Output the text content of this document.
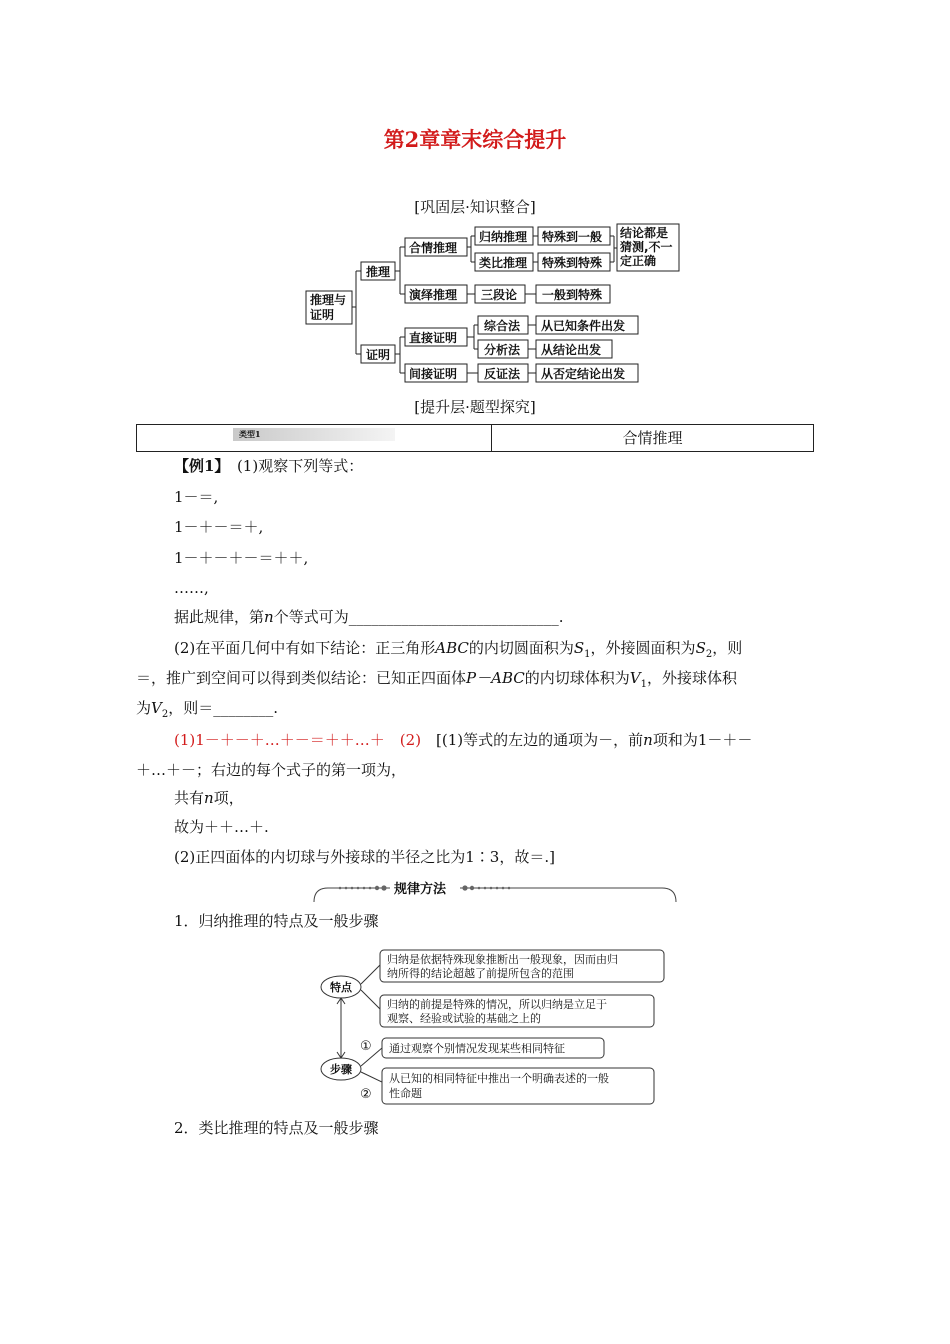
第2章章末综合提升
[巩固层·知识整合]
推理与
证明
推理
证明
合情推理
演绎推理
归纳推理
类比推理
特殊到一般
特殊到特殊
结论都是
猜测,不一
定正确
三段论 一般到特殊
直接证明
间接证明
综合法
分析法
反证法
从已知条件出发
从结论出发
从否定结论出发
[提升层·题型探究]
类型1	合情推理
【例1】　 (1)观察下列等式：
1－＝,
1－＋－＝＋,
1－＋－＋－＝＋＋,
……,
据此规律，第n个等式可为____________________________.
(2)在平面几何中有如下结论：正三角形ABC的内切圆面积为$S_1$，外接圆面积为$S_2$，则
＝，推广到空间可以得到类似结论：已知正四面体P－ABC的内切球体积为$V_1$，外接球体积
为$V_2$，则＝________.
(1)1－＋－＋…＋－＝＋＋…＋　(2)　[(1)等式的左边的通项为－，前n项和为1－＋－
＋…＋－；右边的每个式子的第一项为，
共有n项，
故为＋＋…＋.
(2)正四面体的内切球与外接球的半径之比为1∶3，故＝.]
规律方法
1．归纳推理的特点及一般步骤
特点
步骤
归纳是依据特殊现象推断出一般现象，因而由归
纳所得的结论超越了前提所包含的范围
归纳的前提是特殊的情况，所以归纳是立足于
观察、经验或试验的基础之上的
①
②
通过观察个别情况发现某些相同特征
从已知的相同特征中推出一个明确表述的一般
性命题
2．类比推理的特点及一般步骤
